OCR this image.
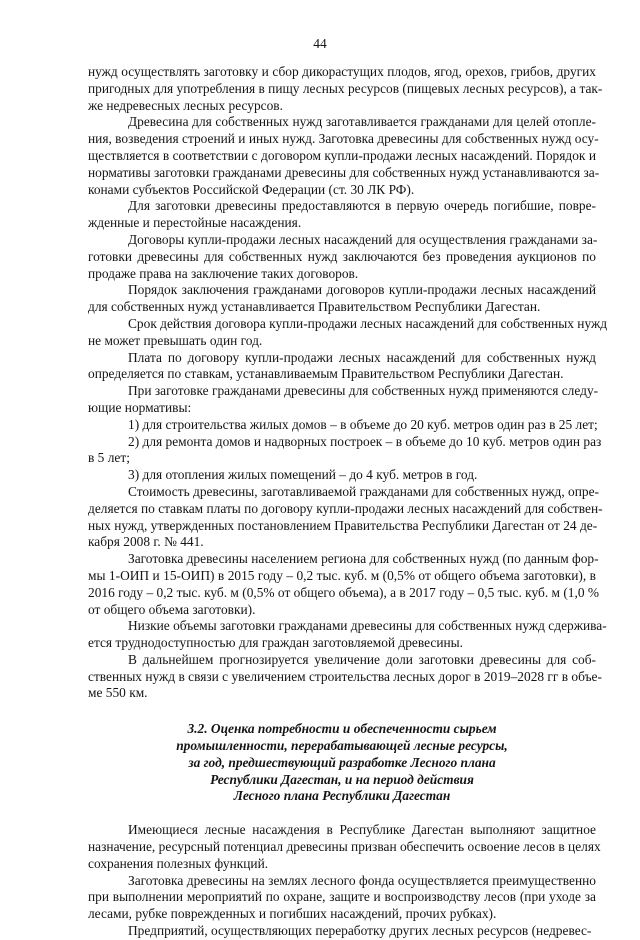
44
нужд осуществлять заготовку и сбор дикорастущих плодов, ягод, орехов, грибов, других
пригодных для употребления в пищу лесных ресурсов (пищевых лесных ресурсов), а так-
же недревесных лесных ресурсов.
Древесина для собственных нужд заготавливается гражданами для целей отопле-
ния, возведения строений и иных нужд. Заготовка древесины для собственных нужд осу-
ществляется в соответствии с договором купли-продажи лесных насаждений. Порядок и
нормативы заготовки гражданами древесины для собственных нужд устанавливаются за-
конами субъектов Российской Федерации (ст. 30 ЛК РФ).
Для заготовки древесины предоставляются в первую очередь погибшие, повре-
жденные и перестойные насаждения.
Договоры купли-продажи лесных насаждений для осуществления гражданами за-
готовки древесины для собственных нужд заключаются без проведения аукционов по
продаже права на заключение таких договоров.
Порядок заключения гражданами договоров купли-продажи лесных насаждений
для собственных нужд устанавливается Правительством Республики Дагестан.
Срок действия договора купли-продажи лесных насаждений для собственных нужд
не может превышать один год.
Плата по договору купли-продажи лесных насаждений для собственных нужд
определяется по ставкам, устанавливаемым Правительством Республики Дагестан.
При заготовке гражданами древесины для собственных нужд применяются следу-
ющие нормативы:
1) для строительства жилых домов – в объеме до 20 куб. метров один раз в 25 лет;
2) для ремонта домов и надворных построек – в объеме до 10 куб. метров один раз
в 5 лет;
3) для отопления жилых помещений – до 4 куб. метров в год.
Стоимость древесины, заготавливаемой гражданами для собственных нужд, опре-
деляется по ставкам платы по договору купли-продажи лесных насаждений для собствен-
ных нужд, утвержденных постановлением Правительства Республики Дагестан от 24 де-
кабря 2008 г. № 441.
Заготовка древесины населением региона для собственных нужд (по данным фор-
мы 1-ОИП и 15-ОИП) в 2015 году – 0,2 тыс. куб. м (0,5% от общего объема заготовки), в
2016 году – 0,2 тыс. куб. м (0,5% от общего объема), а в 2017 году – 0,5 тыс. куб. м (1,0 %
от общего объема заготовки).
Низкие объемы заготовки гражданами древесины для собственных нужд сдержива-
ется труднодоступностью для граждан заготовляемой древесины.
В дальнейшем прогнозируется увеличение доли заготовки древесины для соб-
ственных нужд в связи с увеличением строительства лесных дорог в 2019–2028 гг в объе-
ме 550 км.
3.2. Оценка потребности и обеспеченности сырьем
промышленности, перерабатывающей лесные ресурсы,
за год, предшествующий разработке Лесного плана
Республики Дагестан, и на период действия
Лесного плана Республики Дагестан
Имеющиеся лесные насаждения в Республике Дагестан выполняют защитное
назначение, ресурсный потенциал древесины призван обеспечить освоение лесов в целях
сохранения полезных функций.
Заготовка древесины на землях лесного фонда осуществляется преимущественно
при выполнении мероприятий по охране, защите и воспроизводству лесов (при уходе за
лесами, рубке поврежденных и погибших насаждений, прочих рубках).
Предприятий, осуществляющих переработку других лесных ресурсов (недревес-
